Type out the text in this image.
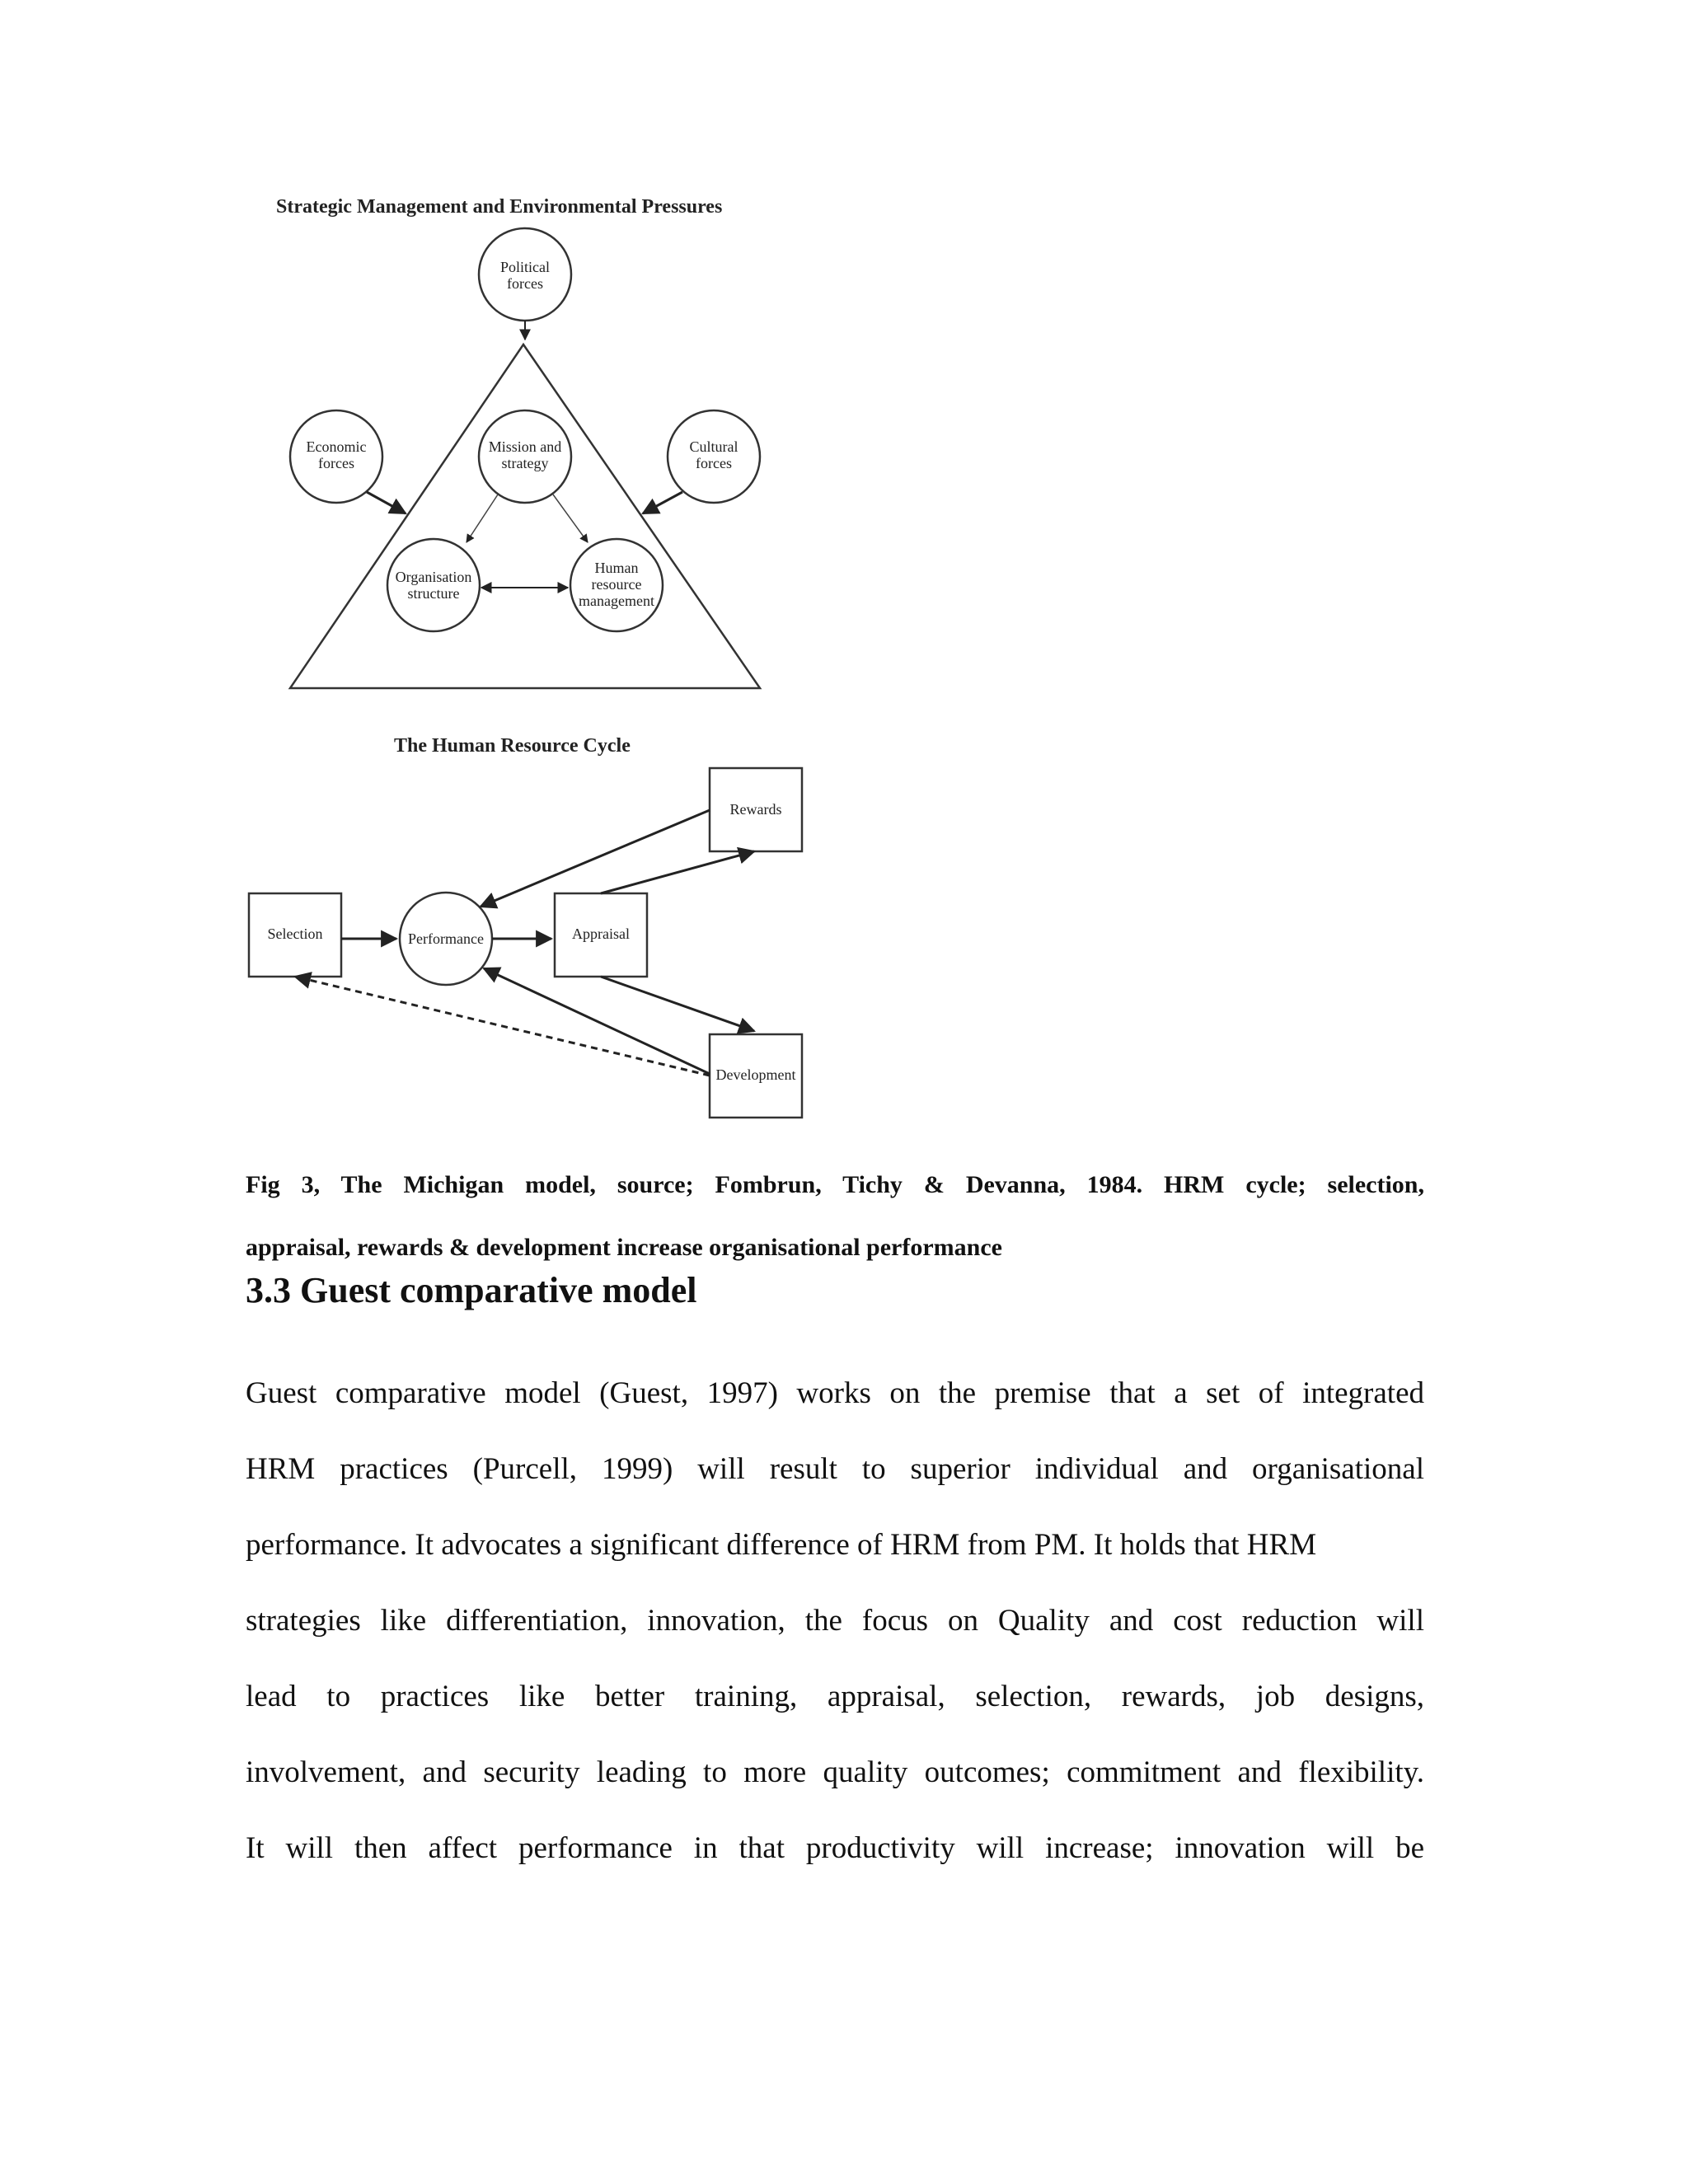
Strategic Management and Environmental Pressures
Political
forces
Economic
forces
Mission and
strategy
Cultural
forces
Organisation
structure
Human
resource
management
The Human Resource Cycle
Rewards
Selection	Performance	Appraisal
Development
Fig 3, The Michigan model, source; Fombrun, Tichy & Devanna, 1984. HRM cycle; selection,
appraisal, rewards & development increase organisational performance
3.3 Guest comparative model
Guest comparative model (Guest, 1997) works on the premise that a set of integrated
HRM practices (Purcell, 1999) will result to superior individual and organisational
performance. It advocates a significant difference of HRM from PM. It holds that HRM
strategies like differentiation, innovation, the focus on Quality and cost reduction will
lead to practices like better training, appraisal, selection, rewards, job designs,
involvement, and security leading to more quality outcomes; commitment and flexibility.
It will then affect performance in that productivity will increase; innovation will be
